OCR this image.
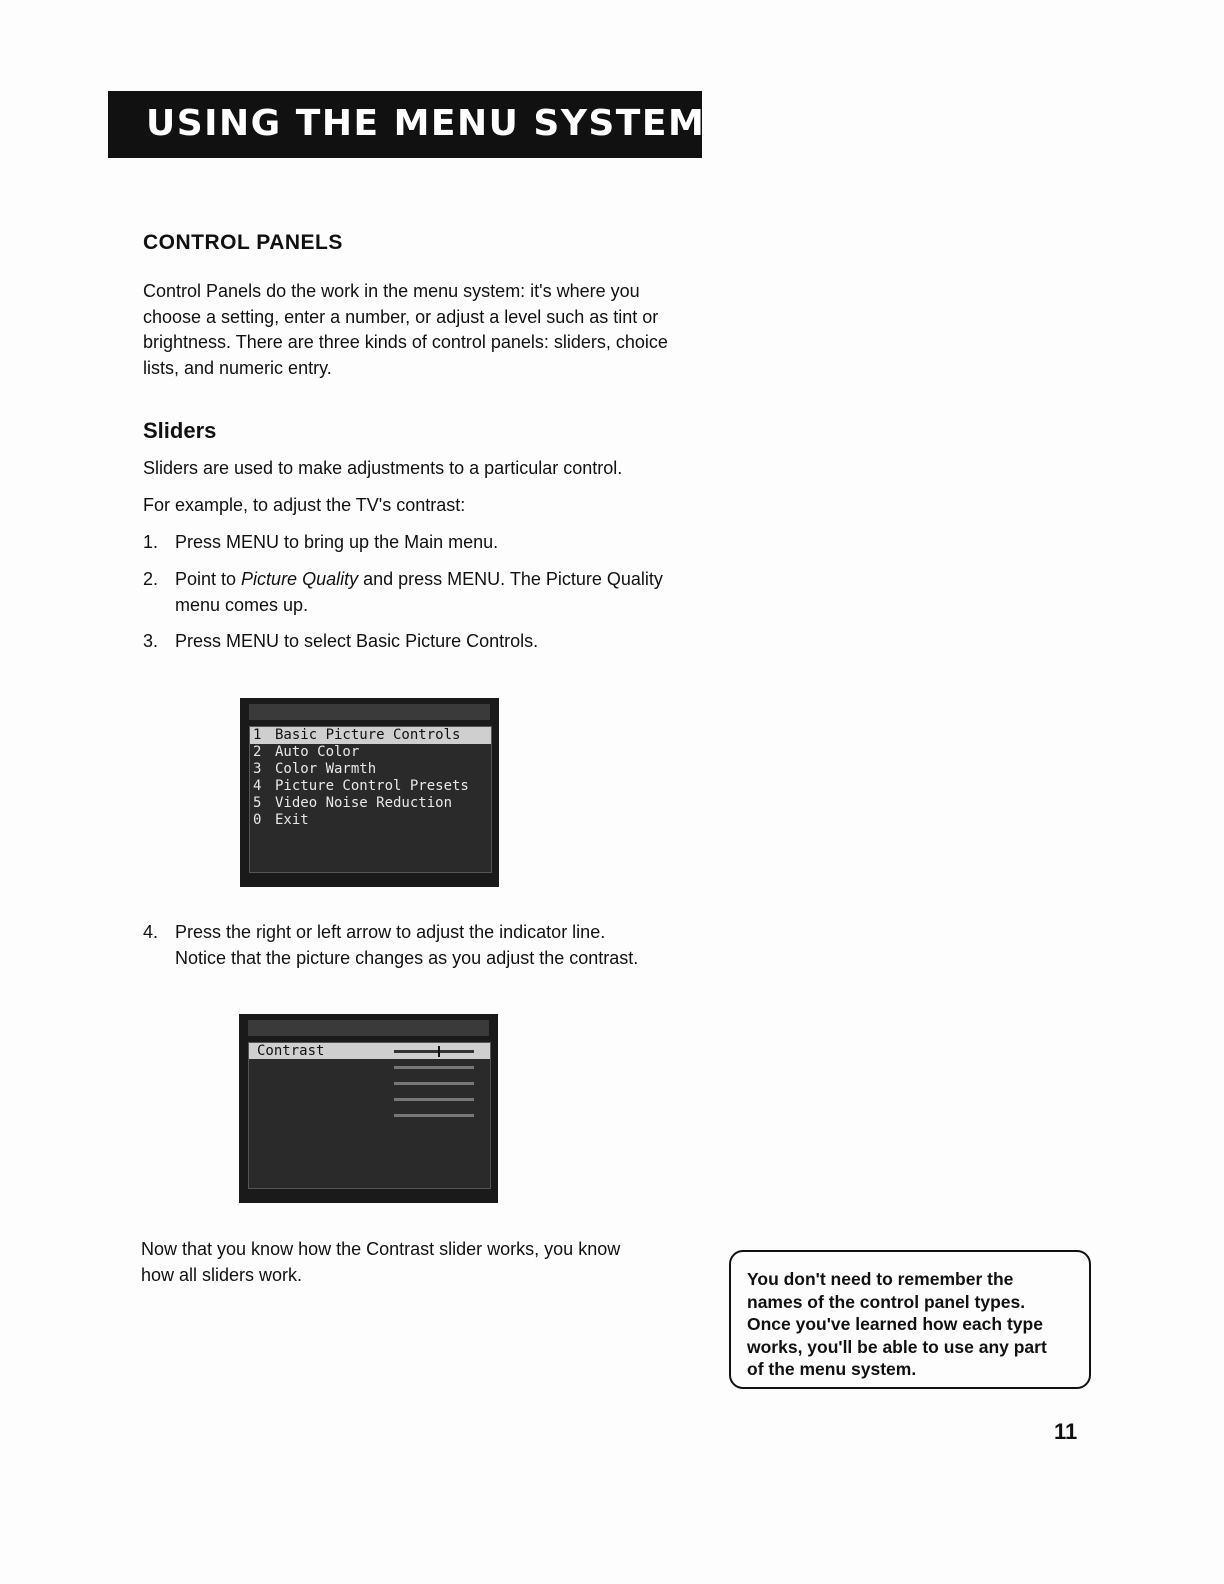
USING THE MENU SYSTEM
CONTROL PANELS
Control Panels do the work in the menu system: it's where you
choose a setting, enter a number, or adjust a level such as tint or
brightness. There are three kinds of control panels: sliders, choice
lists, and numeric entry.
Sliders

Sliders are used to make adjustments to a particular control.

For example, to adjust the TV's contrast:

1. Press MENU to bring up the Main menu.
2. Point to Picture Quality and press MENU. The Picture Quality
menu comes up.
3. Press MENU to select Basic Picture Controls.
1 Basic Picture Controls
2 Auto Color
3 Color Warmth
4 Picture Control Presets
5 Video Noise Reduction
0 Exit
4. Press the right or left arrow to adjust the indicator line.
Notice that the picture changes as you adjust the contrast.
Contrast
Now that you know how the Contrast slider works, you know
how all sliders work.	You don't need to remember the
names of the control panel types.
Once you've learned how each type
works, you'll be able to use any part
of the menu system.
11
